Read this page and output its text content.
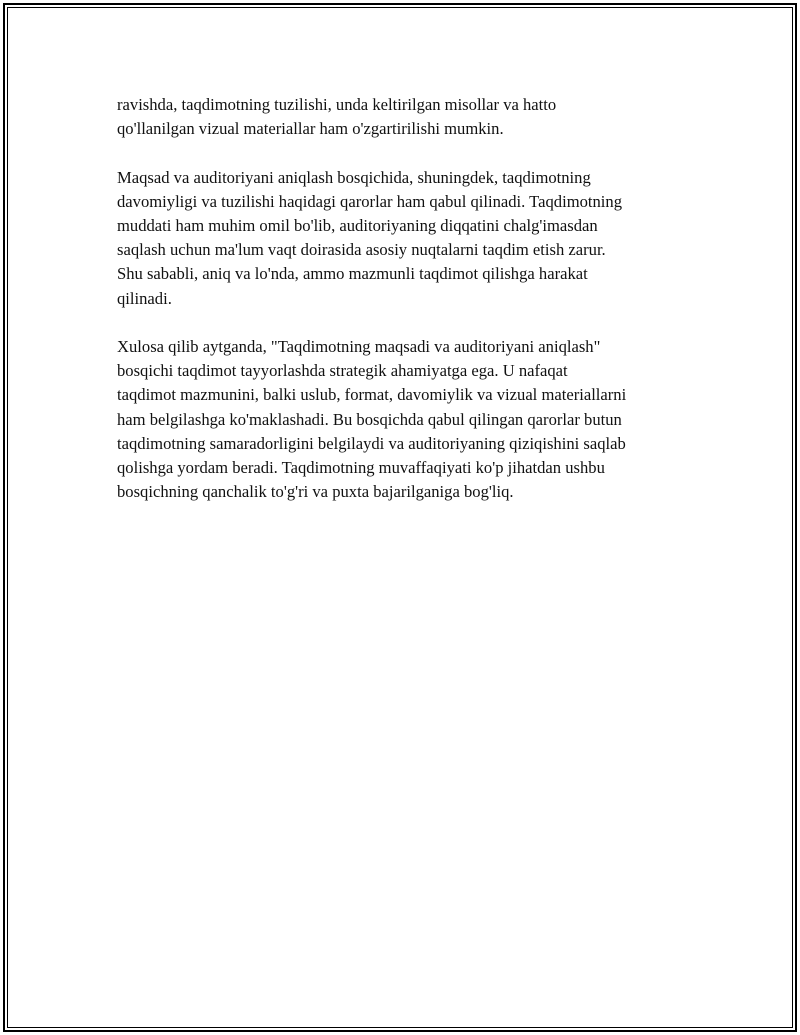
ravishda, taqdimotning tuzilishi, unda keltirilgan misollar va hatto
qo'llanilgan vizual materiallar ham o'zgartirilishi mumkin.

Maqsad va auditoriyani aniqlash bosqichida, shuningdek, taqdimotning
davomiyligi va tuzilishi haqidagi qarorlar ham qabul qilinadi. Taqdimotning
muddati ham muhim omil bo'lib, auditoriyaning diqqatini chalg'imasdan
saqlash uchun ma'lum vaqt doirasida asosiy nuqtalarni taqdim etish zarur.
Shu sababli, aniq va lo'nda, ammo mazmunli taqdimot qilishga harakat
qilinadi.

Xulosa qilib aytganda, "Taqdimotning maqsadi va auditoriyani aniqlash"
bosqichi taqdimot tayyorlashda strategik ahamiyatga ega. U nafaqat
taqdimot mazmunini, balki uslub, format, davomiylik va vizual materiallarni
ham belgilashga ko'maklashadi. Bu bosqichda qabul qilingan qarorlar butun
taqdimotning samaradorligini belgilaydi va auditoriyaning qiziqishini saqlab
qolishga yordam beradi. Taqdimotning muvaffaqiyati ko'p jihatdan ushbu
bosqichning qanchalik to'g'ri va puxta bajarilganiga bog'liq.
